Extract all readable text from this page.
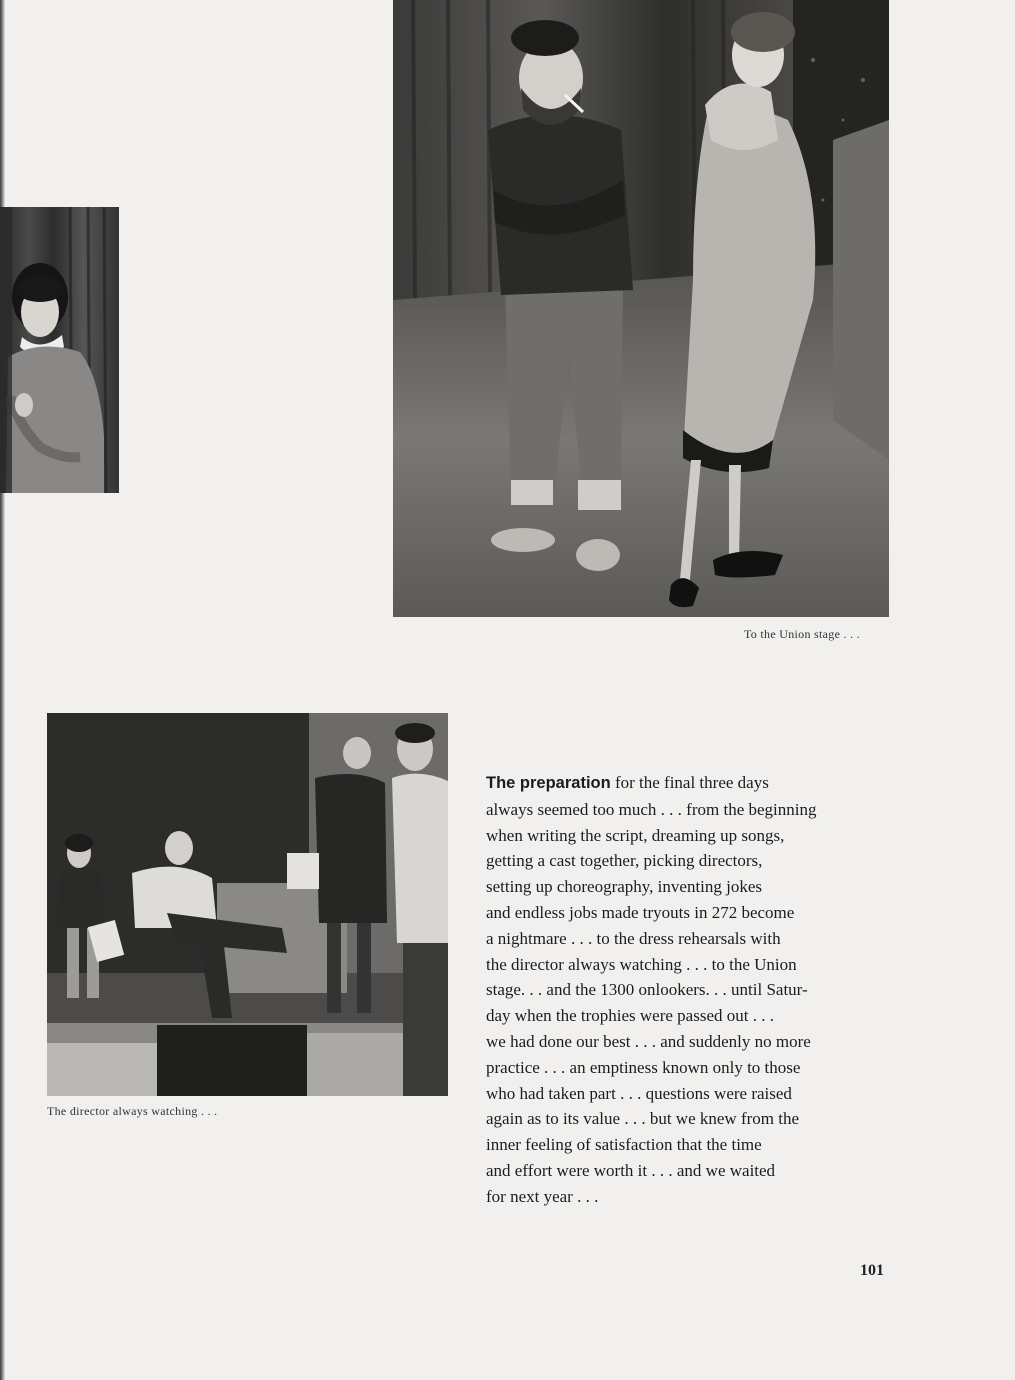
To the Union stage . . .
The director always watching . . .
The preparation for the final three days
always seemed too much . . . from the beginning
when writing the script, dreaming up songs,
getting a cast together, picking directors,
setting up choreography, inventing jokes
and endless jobs made tryouts in 272 become
a nightmare . . . to the dress rehearsals with
the director always watching . . . to the Union
stage. . . and the 1300 onlookers. . . until Satur-
day when the trophies were passed out . . .
we had done our best . . . and suddenly no more
practice . . . an emptiness known only to those
who had taken part . . . questions were raised
again as to its value . . . but we knew from the
inner feeling of satisfaction that the time
and effort were worth it . . . and we waited
for next year . . .
101
